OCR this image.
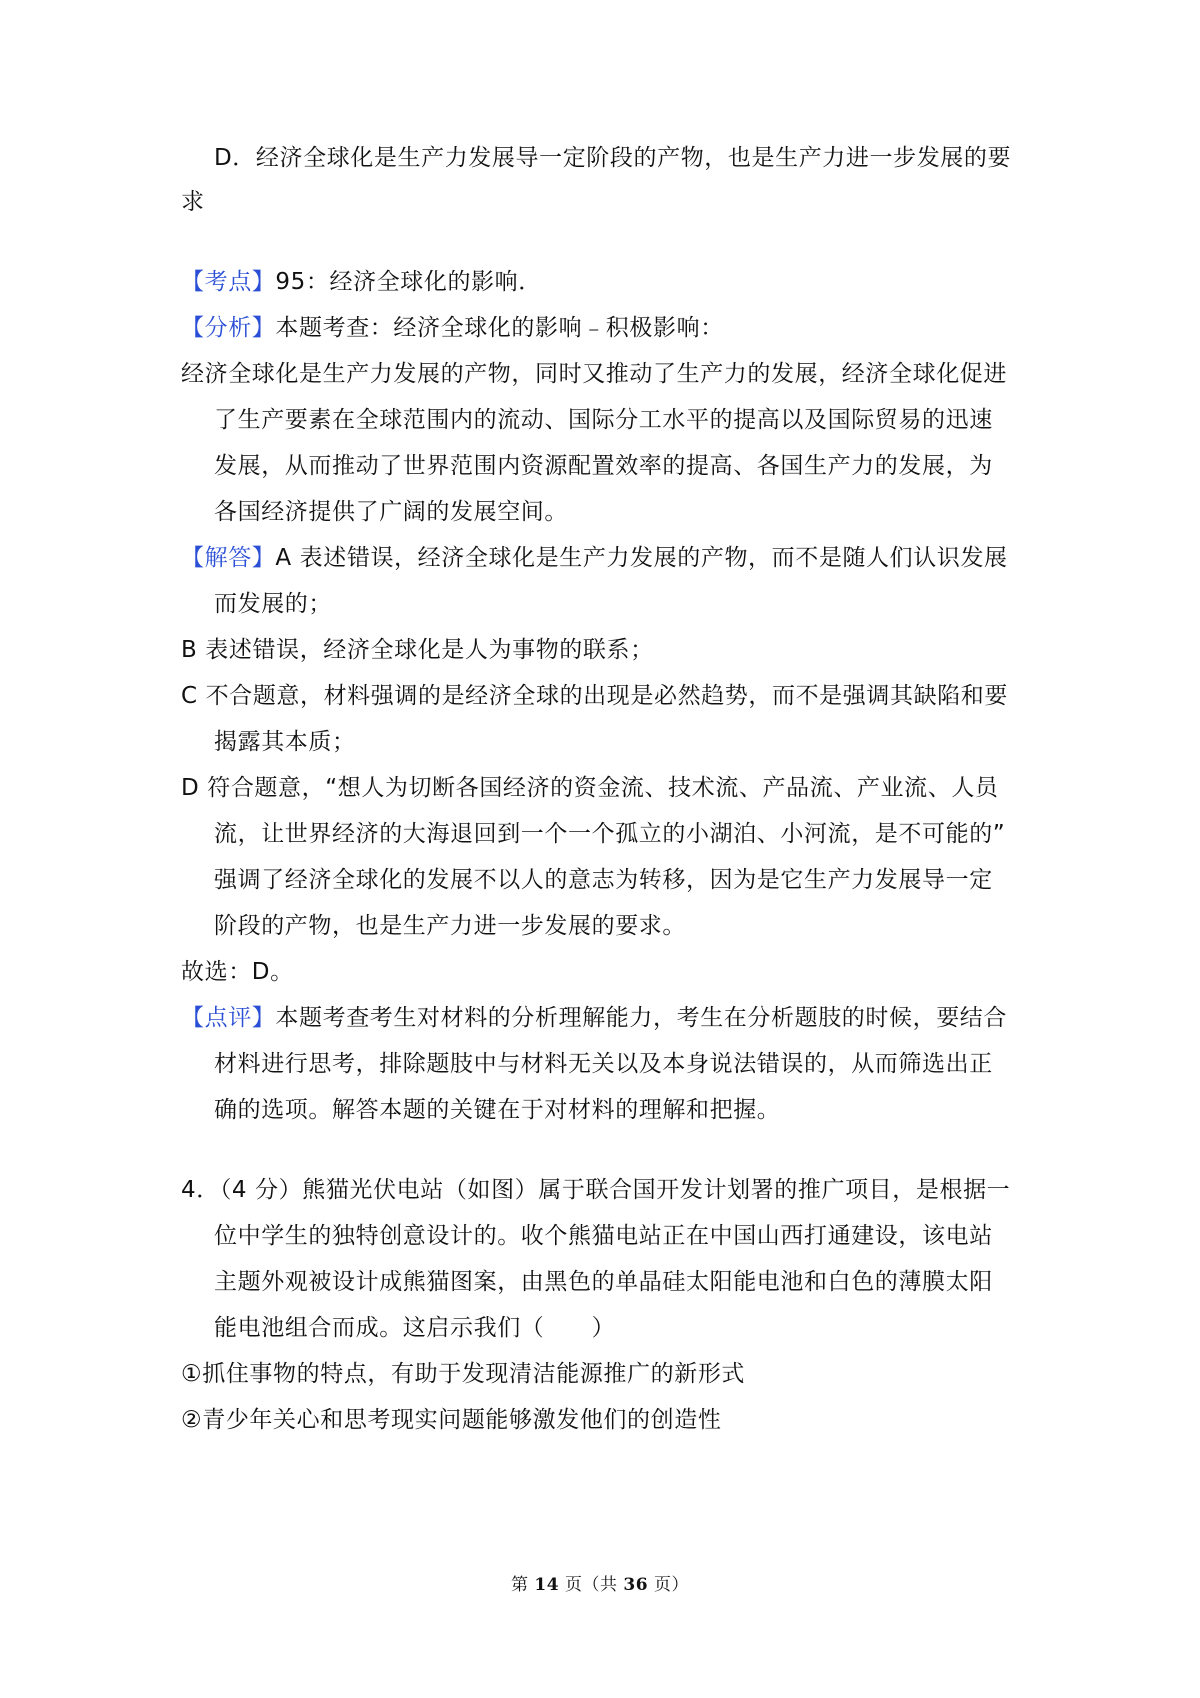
D．经济全球化是生产力发展导一定阶段的产物，也是生产力进一步发展的要
求
【考点】95：经济全球化的影响．
【分析】本题考查：经济全球化的影响﹣积极影响：
经济全球化是生产力发展的产物，同时又推动了生产力的发展，经济全球化促进
了生产要素在全球范围内的流动、国际分工水平的提高以及国际贸易的迅速
发展，从而推动了世界范围内资源配置效率的提高、各国生产力的发展，为
各国经济提供了广阔的发展空间。
【解答】A 表述错误，经济全球化是生产力发展的产物，而不是随人们认识发展
而发展的；
B 表述错误，经济全球化是人为事物的联系；
C 不合题意，材料强调的是经济全球的出现是必然趋势，而不是强调其缺陷和要
揭露其本质；
D 符合题意，“想人为切断各国经济的资金流、技术流、产品流、产业流、人员
流，让世界经济的大海退回到一个一个孤立的小湖泊、小河流，是不可能的”
强调了经济全球化的发展不以人的意志为转移，因为是它生产力发展导一定
阶段的产物，也是生产力进一步发展的要求。
故选：D。
【点评】本题考查考生对材料的分析理解能力，考生在分析题肢的时候，要结合
材料进行思考，排除题肢中与材料无关以及本身说法错误的，从而筛选出正
确的选项。解答本题的关键在于对材料的理解和把握。
4．（4 分）熊猫光伏电站（如图）属于联合国开发计划署的推广项目，是根据一
位中学生的独特创意设计的。收个熊猫电站正在中国山西打通建设，该电站
主题外观被设计成熊猫图案，由黑色的单晶硅太阳能电池和白色的薄膜太阳
能电池组合而成。这启示我们（　　）
①抓住事物的特点，有助于发现清洁能源推广的新形式
②青少年关心和思考现实问题能够激发他们的创造性
第 14 页（共 36 页）
